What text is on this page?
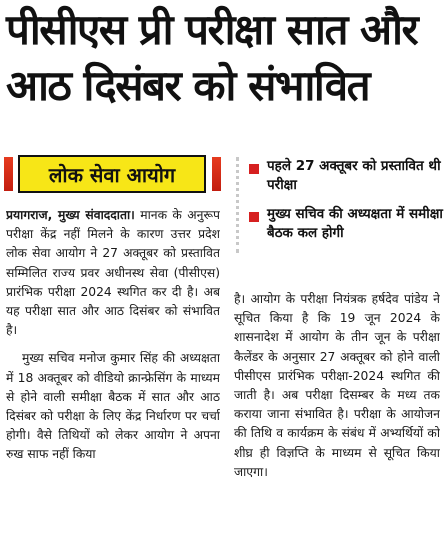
पीसीएस प्री परीक्षा सात और
आठ दिसंबर को संभावित
लोक सेवा आयोग	पहले 27 अक्तूबर को प्रस्तावित थी परीक्षा
मुख्य सचिव की अध्यक्षता में समीक्षा बैठक कल होगी

प्रयागराज, मुख्य संवाददाता। मानक के अनुरूप परीक्षा केंद्र नहीं मिलने के कारण उत्तर प्रदेश लोक सेवा आयोग ने 27 अक्तूबर को प्रस्तावित सम्मिलित राज्य प्रवर अधीनस्थ सेवा (पीसीएस) प्रारंभिक परीक्षा 2024 स्थगित कर दी है। अब यह परीक्षा सात और आठ दिसंबर को संभावित है।

मुख्य सचिव मनोज कुमार सिंह की अध्यक्षता में 18 अक्तूबर को वीडियो क्रान्फ्रेसिंग के माध्यम से होने वाली समीक्षा बैठक में सात और आठ दिसंबर को परीक्षा के लिए केंद्र निर्धारण पर चर्चा होगी। वैसे तिथियों को लेकर आयोग ने अपना रुख साफ नहीं किया

है। आयोग के परीक्षा नियंत्रक हर्षदेव पांडेय ने सूचित किया है कि 19 जून 2024 के शासनादेश में आयोग के तीन जून के परीक्षा कैलेंडर के अनुसार 27 अक्तूबर को होने वाली पीसीएस प्रारंभिक परीक्षा-2024 स्थगित की जाती है। अब परीक्षा दिसम्बर के मध्य तक कराया जाना संभावित है। परीक्षा के आयोजन की तिथि व कार्यक्रम के संबंध में अभ्यर्थियों को शीघ्र ही विज्ञप्ति के माध्यम से सूचित किया जाएगा।
